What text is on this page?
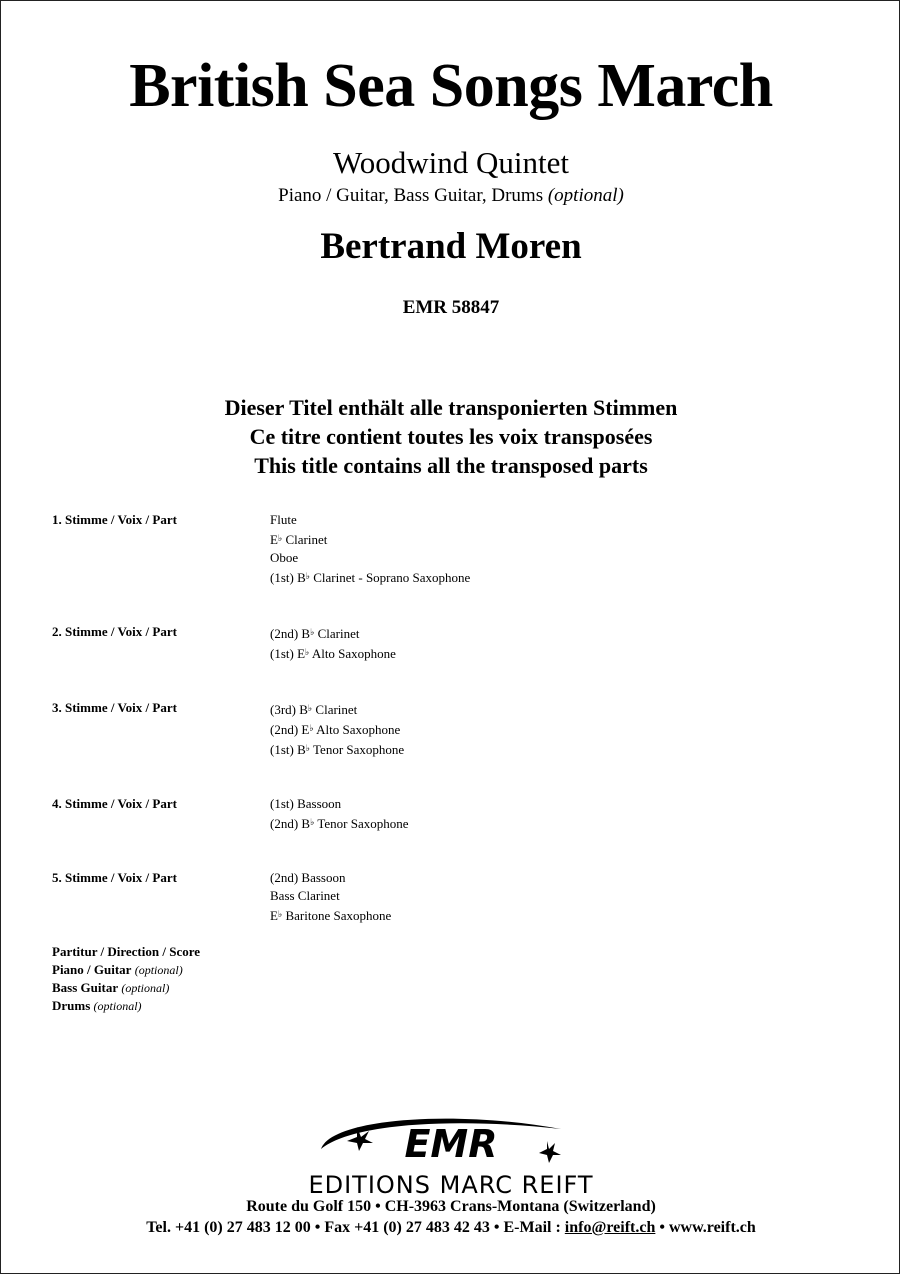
British Sea Songs March
Woodwind Quintet
Piano / Guitar, Bass Guitar, Drums (optional)
Bertrand Moren
EMR 58847
Dieser Titel enthält alle transponierten Stimmen
Ce titre contient toutes les voix transposées
This title contains all the transposed parts
1. Stimme / Voix / Part	Flute
E♭ Clarinet
Oboe
(1st) B♭ Clarinet - Soprano Saxophone
2. Stimme / Voix / Part	(2nd) B♭ Clarinet
(1st) E♭ Alto Saxophone
3. Stimme / Voix / Part	(3rd) B♭ Clarinet
(2nd) E♭ Alto Saxophone
(1st) B♭ Tenor Saxophone
4. Stimme / Voix / Part	(1st) Bassoon
(2nd) B♭ Tenor Saxophone
5. Stimme / Voix / Part	(2nd) Bassoon
Bass Clarinet
E♭ Baritone Saxophone
Partitur / Direction / Score
Piano / Guitar (optional)
Bass Guitar (optional)
Drums (optional)
EMR
EDITIONS MARC REIFT
Route du Golf 150 • CH-3963 Crans-Montana (Switzerland)
Tel. +41 (0) 27 483 12 00 • Fax +41 (0) 27 483 42 43 • E-Mail : info@reift.ch • www.reift.ch
